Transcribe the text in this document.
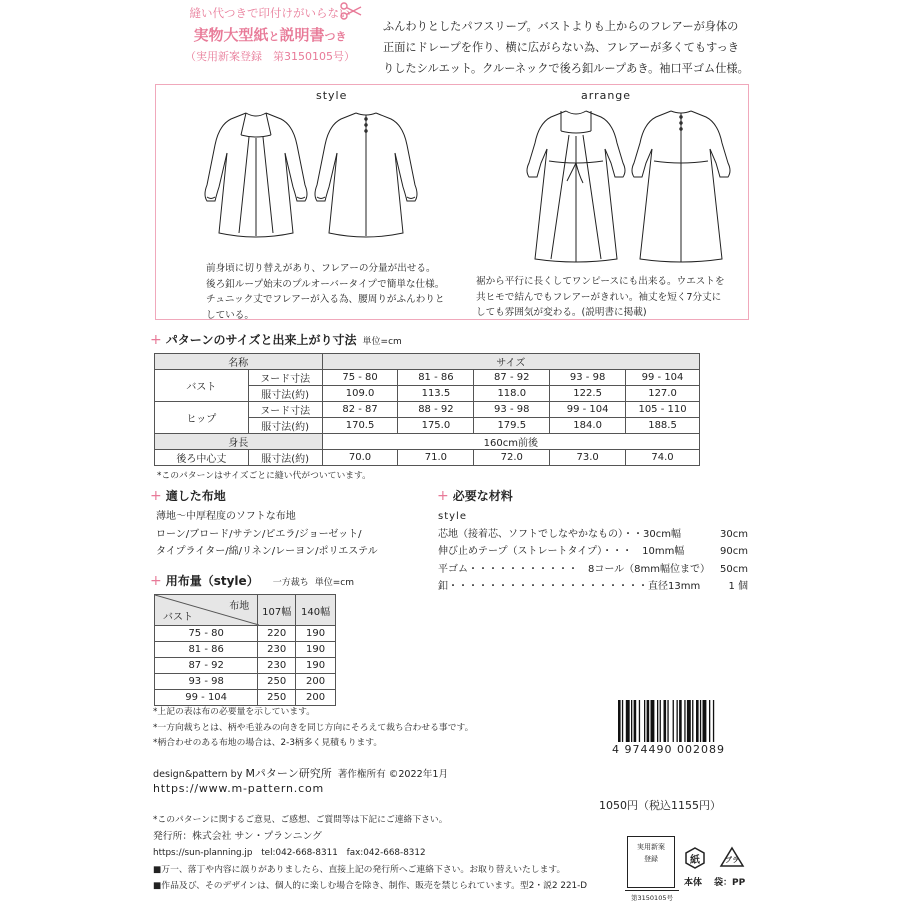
縫い代つきで印付けがいらない
実物大型紙と説明書つき
（実用新案登録　第3150105号）
ふんわりとしたパフスリーブ。バストよりも上からのフレアーが身体の
正面にドレープを作り、横に広がらない為、フレアーが多くてもすっき
りしたシルエット。クルーネックで後ろ釦ループあき。袖口平ゴム仕様。
style	arrange
前身頃に切り替えがあり、フレアーの分量が出せる。
後ろ釦ループ始末のプルオーバータイプで簡単な仕様。
チュニック丈でフレアーが入る為、腰周りがふんわりと
している。
裾から平行に長くしてワンピースにも出来る。ウエストを
共ヒモで結んでもフレアーがきれい。袖丈を短く7分丈に
しても雰囲気が変わる。(説明書に掲載)
+ パターンのサイズと出来上がり寸法 単位=cm
名称		サイズ				
バスト	ヌード寸法	75 - 80	81 - 86	87 - 92	93 - 98	99 - 104
	服寸法(約)	109.0	113.5	118.0	122.5	127.0
ヒップ	ヌード寸法	82 - 87	88 - 92	93 - 98	99 - 104	105 - 110
	服寸法(約)	170.5	175.0	179.5	184.0	188.5
身長		160cm前後				
後ろ中心丈	服寸法(約)	70.0	71.0	72.0	73.0	74.0
*このパターンはサイズごとに縫い代がついています。
+ 適した布地
薄地～中厚程度のソフトな布地
ローン/ブロード/サテン/ピエラ/ジョーゼット/
タイプライター/綿/リネン/レーヨン/ポリエステル
+ 必要な材料
style
芯地（接着芯、ソフトでしなやかなもの）・・30cm幅	30cm
伸び止めテープ（ストレートタイプ）・・・　10mm幅	90cm
平ゴム・・・・・・・・・・・　8コール（8mm幅位まで）	50cm
釦・・・・・・・・・・・・・・・・・・・・直径13mm	1 個
+ 用布量（style） 一方裁ち 単位=cm
布地
バスト	107幅	140幅
75 - 80	220	190
81 - 86	230	190
87 - 92	230	190
93 - 98	250	200
99 - 104	250	200
*上記の表は布の必要量を示しています。
*一方向裁ちとは、柄や毛並みの向きを同じ方向にそろえて裁ち合わせる事です。
*柄合わせのある布地の場合は、2-3柄多く見積もります。	4 974490 002089
design&pattern by Mパターン研究所 著作権所有 ©2022年1月
https://www.m-pattern.com
1050円（税込1155円）
*このパターンに関するご意見、ご感想、ご質問等は下記にご連絡下さい。
発行所：株式会社 サン・プランニング
https://sun-planning.jp　tel:042-668-8311　fax:042-668-8312
■万一、落丁や内容に誤りがありましたら、直接上記の発行所へご連絡下さい。お取り替えいたします。
■作品及び、そのデザインは、個人的に楽しむ場合を除き、制作、販売を禁じられています。型2・説2 221-D
実用新案
登録
第3150105号
紙
本体
プラ
袋：PP
